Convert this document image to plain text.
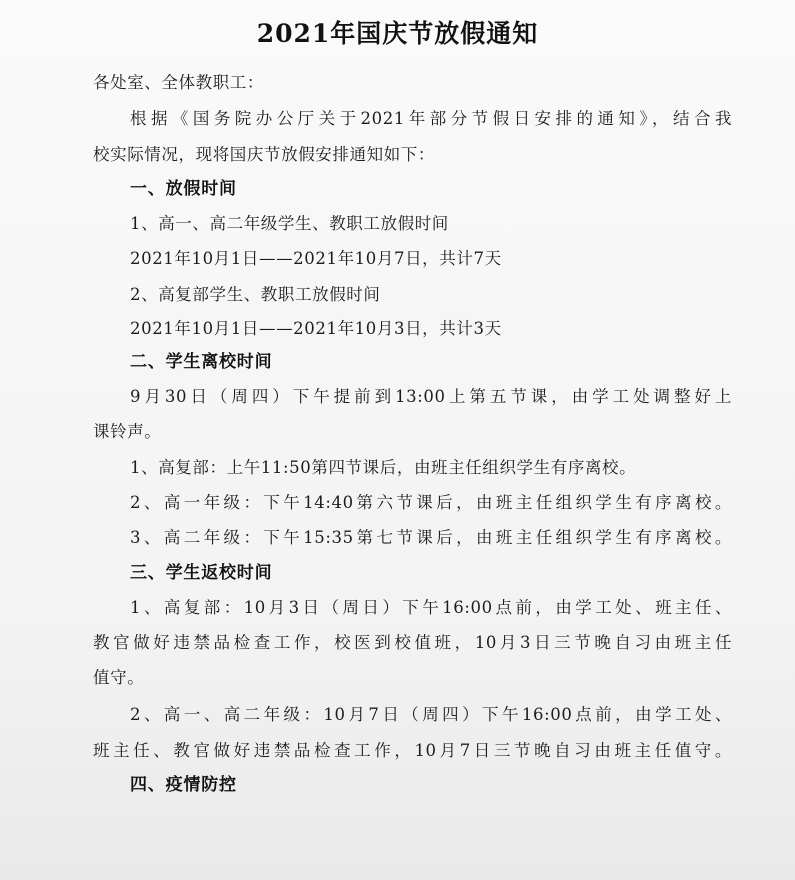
2021年国庆节放假通知
各处室、全体教职工：
根据《国务院办公厅关于2021年部分节假日安排的通知》，结合我
校实际情况，现将国庆节放假安排通知如下：
一、放假时间
1、高一、高二年级学生、教职工放假时间
2021年10月1日——2021年10月7日，共计7天
2、高复部学生、教职工放假时间
2021年10月1日——2021年10月3日，共计3天
二、学生离校时间
9月30日（周四）下午提前到13:00上第五节课，由学工处调整好上
课铃声。
1、高复部：上午11:50第四节课后，由班主任组织学生有序离校。
2、高一年级：下午14:40第六节课后，由班主任组织学生有序离校。
3、高二年级：下午15:35第七节课后，由班主任组织学生有序离校。
三、学生返校时间
1、高复部：10月3日（周日）下午16:00点前，由学工处、班主任、
教官做好违禁品检查工作，校医到校值班，10月3日三节晚自习由班主任
值守。
2、高一、高二年级：10月7日（周四）下午16:00点前，由学工处、
班主任、教官做好违禁品检查工作，10月7日三节晚自习由班主任值守。
四、疫情防控
